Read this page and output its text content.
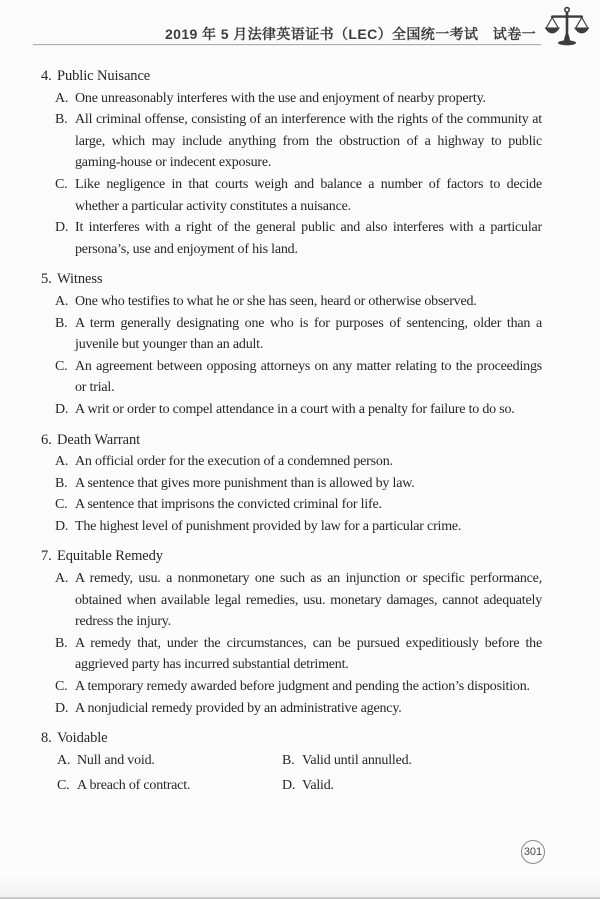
2019 年 5 月法律英语证书（LEC）全国统一考试　试卷一
4. Public Nuisance
A. One unreasonably interferes with the use and enjoyment of nearby property.
B. All criminal offense, consisting of an interference with the rights of the community at large, which may include anything from the obstruction of a highway to public gaming-house or indecent exposure.
C. Like negligence in that courts weigh and balance a number of factors to decide whether a particular activity constitutes a nuisance.
D. It interferes with a right of the general public and also interferes with a particular persona’s, use and enjoyment of his land.
5. Witness
A. One who testifies to what he or she has seen, heard or otherwise observed.
B. A term generally designating one who is for purposes of sentencing, older than a juvenile but younger than an adult.
C. An agreement between opposing attorneys on any matter relating to the proceedings or trial.
D. A writ or order to compel attendance in a court with a penalty for failure to do so.
6. Death Warrant
A. An official order for the execution of a condemned person.
B. A sentence that gives more punishment than is allowed by law.
C. A sentence that imprisons the convicted criminal for life.
D. The highest level of punishment provided by law for a particular crime.
7. Equitable Remedy
A. A remedy, usu. a nonmonetary one such as an injunction or specific performance, obtained when available legal remedies, usu. monetary damages, cannot adequately redress the injury.
B. A remedy that, under the circumstances, can be pursued expeditiously before the aggrieved party has incurred substantial detriment.
C. A temporary remedy awarded before judgment and pending the action’s disposition.
D. A nonjudicial remedy provided by an administrative agency.
8. Voidable
A. Null and void.	B. Valid until annulled.
C. A breach of contract.	D. Valid.
301
